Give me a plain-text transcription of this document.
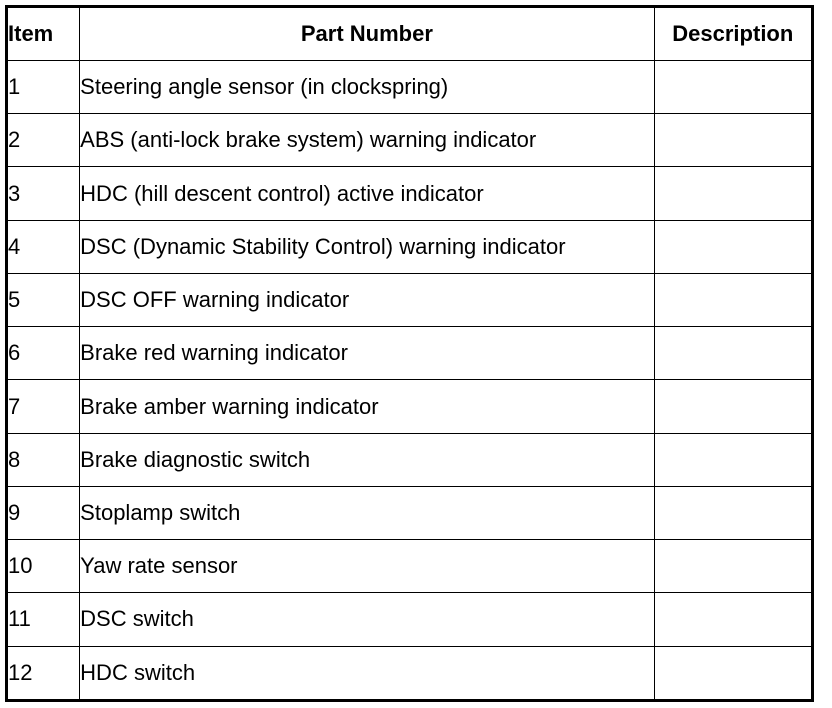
Item	Part Number	Description
1	Steering angle sensor (in clockspring)	
2	ABS (anti-lock brake system) warning indicator	
3	HDC (hill descent control) active indicator	
4	DSC (Dynamic Stability Control) warning indicator	
5	DSC OFF warning indicator	
6	Brake red warning indicator	
7	Brake amber warning indicator	
8	Brake diagnostic switch	
9	Stoplamp switch	
10	Yaw rate sensor	
11	DSC switch	
12	HDC switch	
